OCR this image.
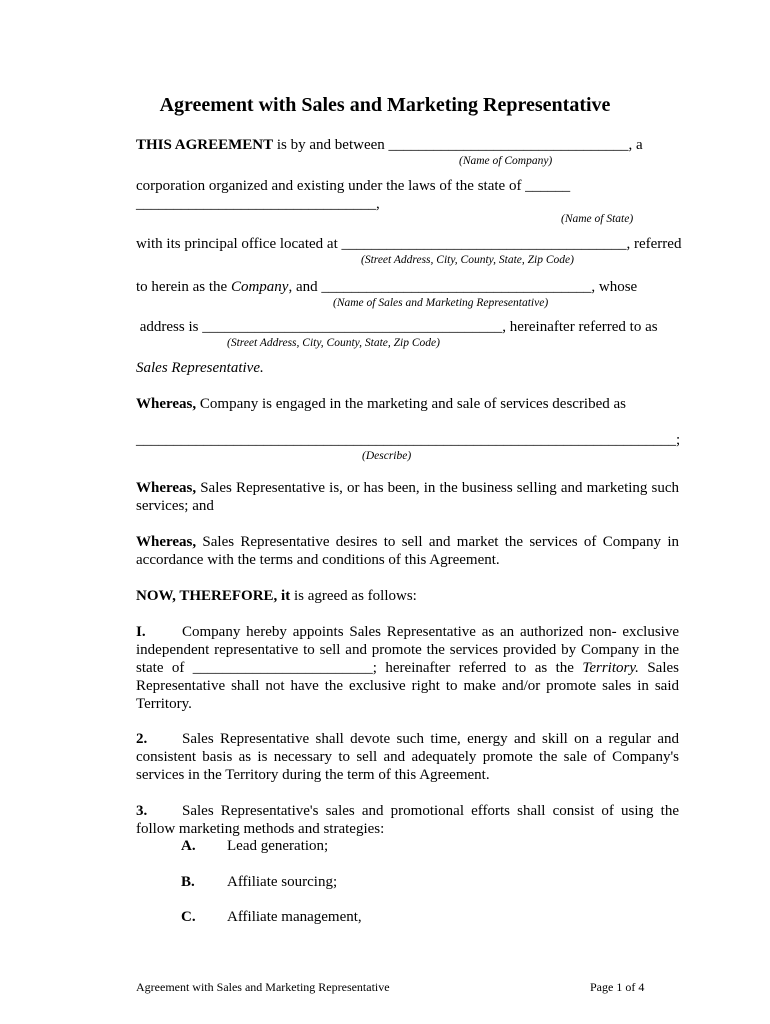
Agreement with Sales and Marketing Representative
THIS AGREEMENT is by and between ________________________________, a
(Name of Company)
corporation organized and existing under the laws of the state of ______
________________________________,
(Name of State)
with its principal office located at ______________________________________, referred
(Street Address, City, County, State, Zip Code)
to herein as the Company, and ____________________________________, whose
(Name of Sales and Marketing Representative)
address is ________________________________________, hereinafter referred to as
(Street Address, City, County, State, Zip Code)
Sales Representative.
Whereas, Company is engaged in the marketing and sale of services described as
________________________________________________________________________;
(Describe)
Whereas, Sales Representative is, or has been, in the business selling and marketing such services; and
Whereas, Sales Representative desires to sell and market the services of Company in accordance with the terms and conditions of this Agreement.
NOW, THEREFORE, it is agreed as follows:
I. Company hereby appoints Sales Representative as an authorized non- exclusive independent representative to sell and promote the services provided by Company in the state of ________________________; hereinafter referred to as the Territory. Sales Representative shall not have the exclusive right to make and/or promote sales in said Territory.
2. Sales Representative shall devote such time, energy and skill on a regular and consistent basis as is necessary to sell and adequately promote the sale of Company's services in the Territory during the term of this Agreement.
3. Sales Representative's sales and promotional efforts shall consist of using the follow marketing methods and strategies:
A. Lead generation;
B. Affiliate sourcing;
C. Affiliate management,
Agreement with Sales and Marketing Representative	Page 1 of 4
